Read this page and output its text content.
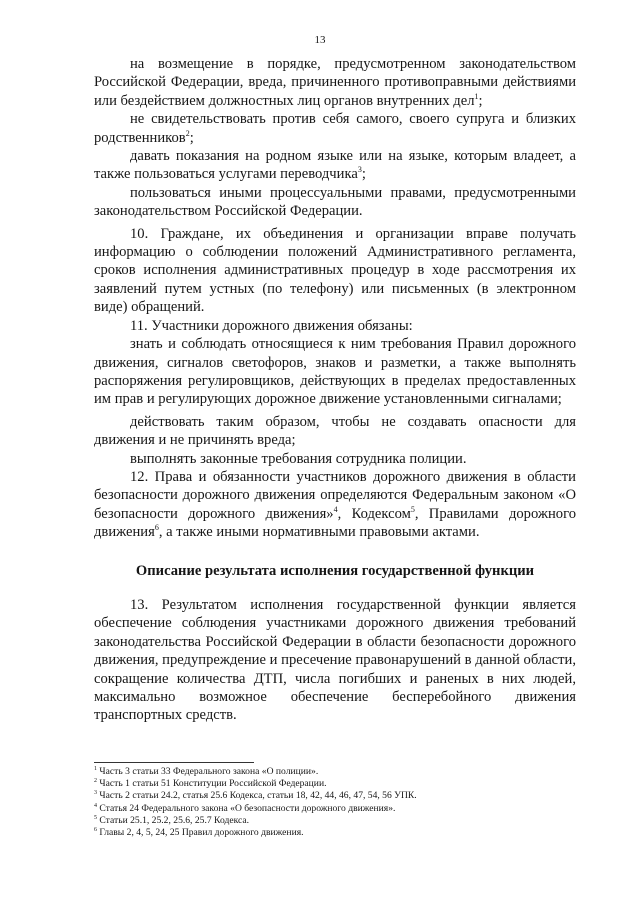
13

на возмещение в порядке, предусмотренном законодательством Российской Федерации, вреда, причиненного противоправными действиями или бездействием должностных лиц органов внутренних дел$^1$;

не свидетельствовать против себя самого, своего супруга и близких родственников$^2$;

давать показания на родном языке или на языке, которым владеет, а также пользоваться услугами переводчика$^3$;

пользоваться иными процессуальными правами, предусмотренными законодательством Российской Федерации.

10. Граждане, их объединения и организации вправе получать информацию о соблюдении положений Административного регламента, сроков исполнения административных процедур в ходе рассмотрения их заявлений путем устных (по телефону) или письменных (в электронном виде) обращений.

11. Участники дорожного движения обязаны:

знать и соблюдать относящиеся к ним требования Правил дорожного движения, сигналов светофоров, знаков и разметки, а также выполнять распоряжения регулировщиков, действующих в пределах предоставленных им прав и регулирующих дорожное движение установленными сигналами;

действовать таким образом, чтобы не создавать опасности для движения и не причинять вреда;

выполнять законные требования сотрудника полиции.

12. Права и обязанности участников дорожного движения в области безопасности дорожного движения определяются Федеральным законом «О безопасности дорожного движения»$^4$, Кодексом$^5$, Правилами дорожного движения$^6$, а также иными нормативными правовыми актами.

Описание результата исполнения государственной функции

13. Результатом исполнения государственной функции является обеспечение соблюдения участниками дорожного движения требований законодательства Российской Федерации в области безопасности дорожного движения, предупреждение и пресечение правонарушений в данной области, сокращение количества ДТП, числа погибших и раненых в них людей, максимально возможное обеспечение бесперебойного движения транспортных средств.

$^1$ Часть 3 статьи 33 Федерального закона «О полиции».

$^2$ Часть 1 статьи 51 Конституции Российской Федерации.

$^3$ Часть 2 статьи 24.2, статья 25.6 Кодекса, статьи 18, 42, 44, 46, 47, 54, 56 УПК.

$^4$ Статья 24 Федерального закона «О безопасности дорожного движения».

$^5$ Статьи 25.1, 25.2, 25.6, 25.7 Кодекса.

$^6$ Главы 2, 4, 5, 24, 25 Правил дорожного движения.
